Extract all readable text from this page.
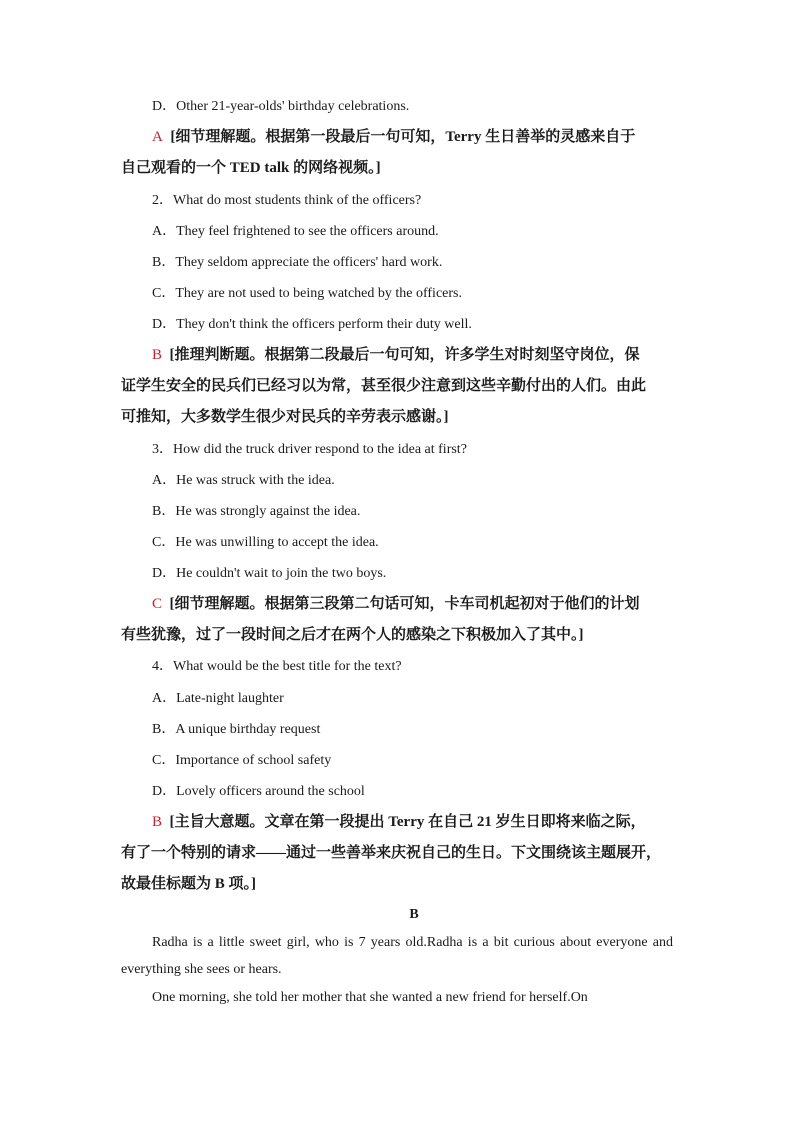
D．Other 21-year-olds' birthday celebrations.
A [细节理解题。根据第一段最后一句可知，Terry 生日善举的灵感来自于
自己观看的一个 TED talk 的网络视频。]
2．What do most students think of the officers?
A．They feel frightened to see the officers around.
B．They seldom appreciate the officers' hard work.
C．They are not used to being watched by the officers.
D．They don't think the officers perform their duty well.
B [推理判断题。根据第二段最后一句可知，许多学生对时刻坚守岗位，保
证学生安全的民兵们已经习以为常，甚至很少注意到这些辛勤付出的人们。由此
可推知，大多数学生很少对民兵的辛劳表示感谢。]
3．How did the truck driver respond to the idea at first?
A．He was struck with the idea.
B．He was strongly against the idea.
C．He was unwilling to accept the idea.
D．He couldn't wait to join the two boys.
C [细节理解题。根据第三段第二句话可知，卡车司机起初对于他们的计划
有些犹豫，过了一段时间之后才在两个人的感染之下积极加入了其中。]
4．What would be the best title for the text?
A．Late-night laughter
B．A unique birthday request
C．Importance of school safety
D．Lovely officers around the school
B [主旨大意题。文章在第一段提出 Terry 在自己 21 岁生日即将来临之际，
有了一个特别的请求——通过一些善举来庆祝自己的生日。下文围绕该主题展开，
故最佳标题为 B 项。]
B
Radha is a little sweet girl, who is 7 years old.Radha is a bit curious about everyone and everything she sees or hears.
One morning, she told her mother that she wanted a new friend for herself.On
